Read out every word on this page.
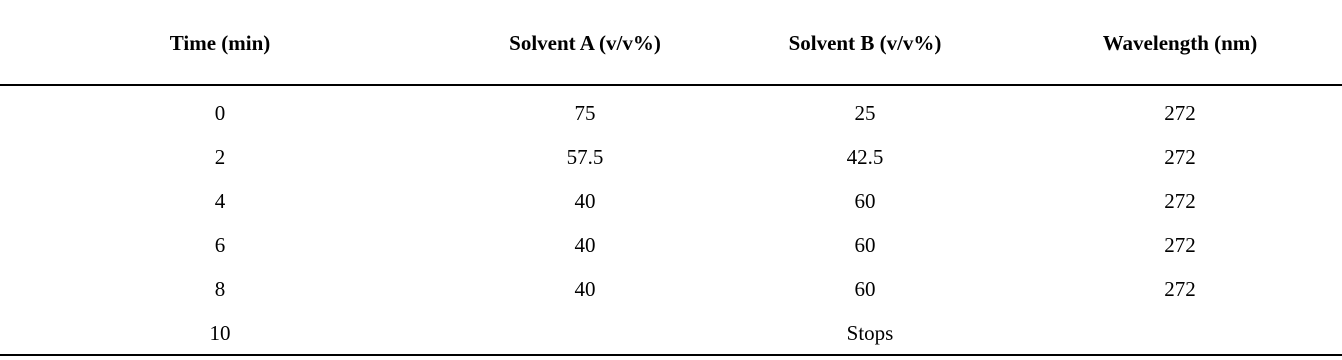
Time (min)	Solvent A (v/v%)	Solvent B (v/v%)	Wavelength (nm)
0	75	25	272
2	57.5	42.5	272
4	40	60	272
6	40	60	272
8	40	60	272
10	Stops
